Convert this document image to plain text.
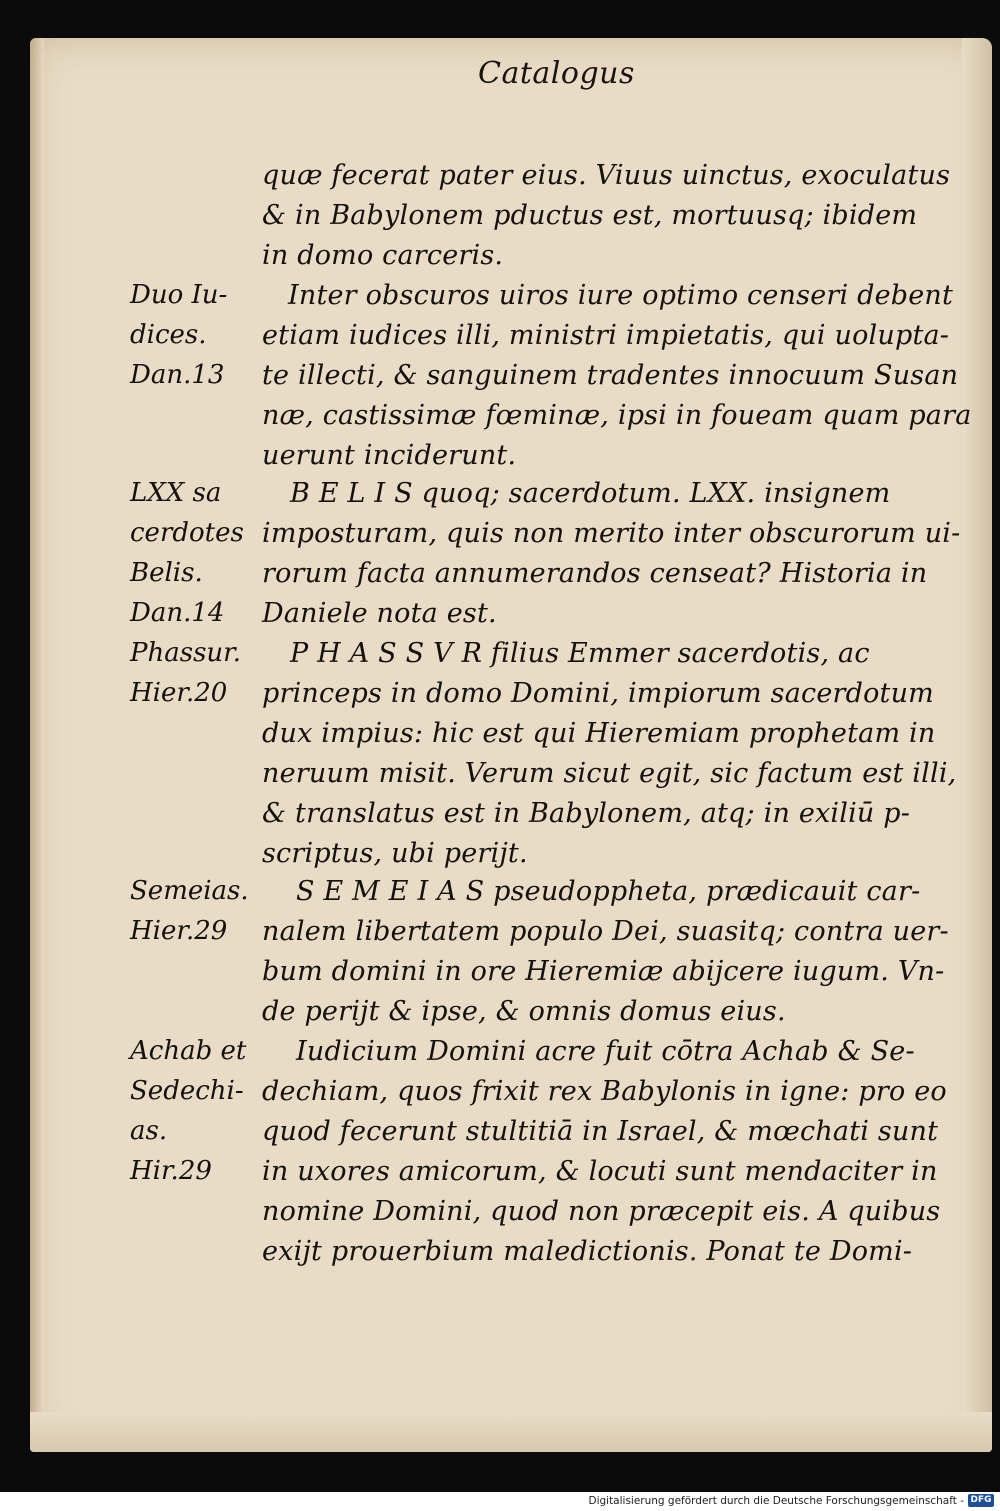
Catalogus
quæ fecerat pater eius. Viuus uinctus, exoculatus
& in Babylonem pductus est, mortuusq; ibidem
in domo carceris.
Inter obscuros uiros iure optimo censeri debent
etiam iudices illi, ministri impietatis, qui uolupta-
te illecti, & sanguinem tradentes innocuum Susan
næ, castissimæ fœminæ, ipsi in foueam quam para
uerunt inciderunt.
B E L I S quoq; sacerdotum. LXX. insignem
imposturam, quis non merito inter obscurorum ui-
rorum facta annumerandos censeat? Historia in
Daniele nota est.
P H A S S V R filius Emmer sacerdotis, ac
princeps in domo Domini, impiorum sacerdotum
dux impius: hic est qui Hieremiam prophetam in
neruum misit. Verum sicut egit, sic factum est illi,
& translatus est in Babylonem, atq; in exiliū p-
scriptus, ubi perijt.
S E M E I A S pseudoppheta, prædicauit car-
nalem libertatem populo Dei, suasitq; contra uer-
bum domini in ore Hieremiæ abijcere iugum. Vn-
de perijt & ipse, & omnis domus eius.
Iudicium Domini acre fuit cōtra Achab & Se-
dechiam, quos frixit rex Babylonis in igne: pro eo
quod fecerunt stultitiā in Israel, & mœchati sunt
in uxores amicorum, & locuti sunt mendaciter in
nomine Domini, quod non præcepit eis. A quibus
exijt prouerbium maledictionis. Ponat te Domi-
Duo Iu-
dices.
Dan.13
LXX sa
cerdotes
Belis.
Dan.14
Phassur.
Hier.20
Semeias.
Hier.29
Achab et
Sedechi-
as.
Hir.29
Digitalisierung gefördert durch die Deutsche Forschungsgemeinschaft - DFG
